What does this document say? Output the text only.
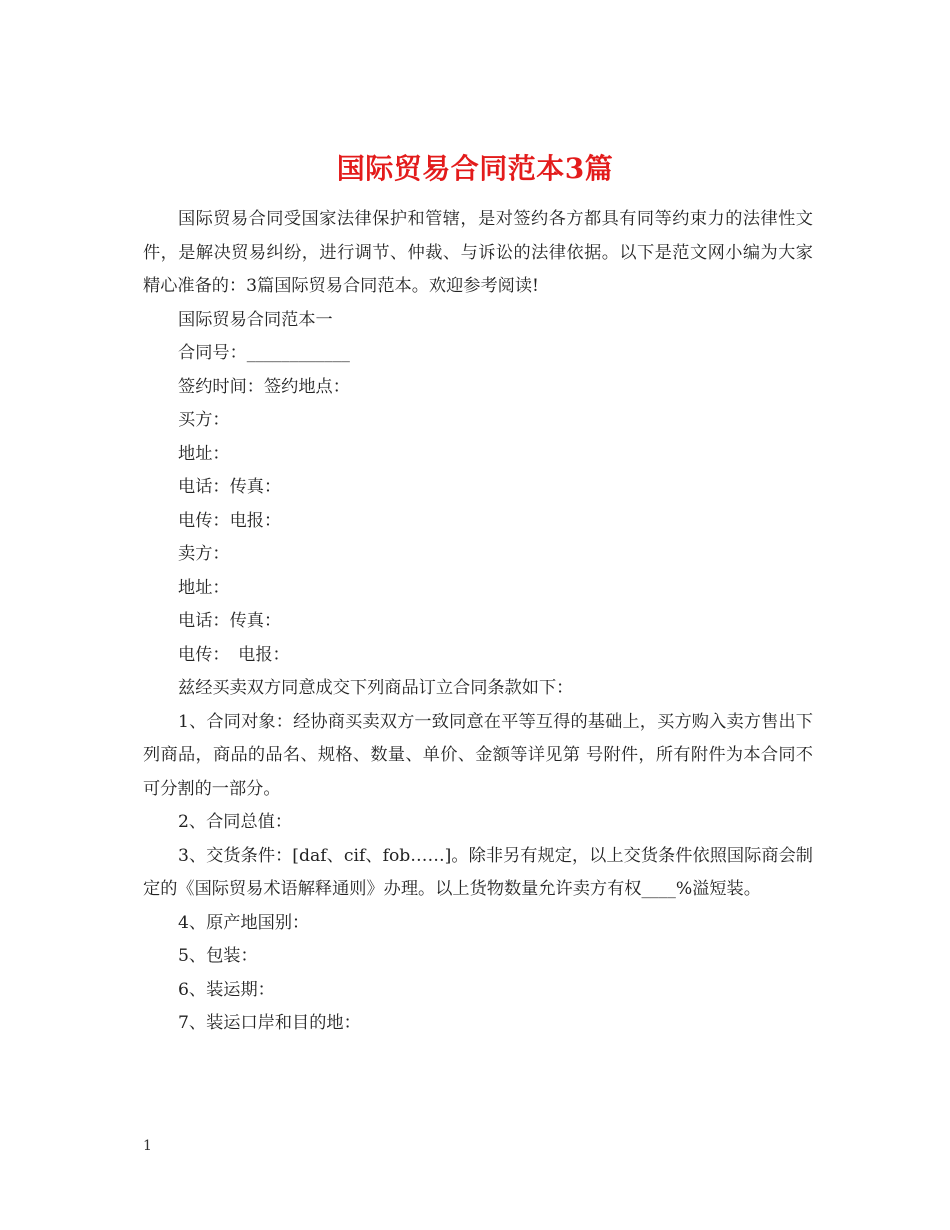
国际贸易合同范本3篇

国际贸易合同受国家法律保护和管辖，是对签约各方都具有同等约束力的法律性文件，是解决贸易纠纷，进行调节、仲裁、与诉讼的法律依据。以下是范文网小编为大家精心准备的：3篇国际贸易合同范本。欢迎参考阅读!

国际贸易合同范本一

合同号：____________

签约时间：签约地点：

买方：

地址：

电话：传真：

电传：电报：

卖方：

地址：

电话：传真：

电传：　电报：

兹经买卖双方同意成交下列商品订立合同条款如下：

1、合同对象：经协商买卖双方一致同意在平等互得的基础上，买方购入卖方售出下列商品，商品的品名、规格、数量、单价、金额等详见第 号附件，所有附件为本合同不可分割的一部分。

2、合同总值：

3、交货条件：[daf、cif、fob……]。除非另有规定，以上交货条件依照国际商会制定的《国际贸易术语解释通则》办理。以上货物数量允许卖方有权____%溢短装。

4、原产地国别：

5、包装：

6、装运期：

7、装运口岸和目的地：

1
